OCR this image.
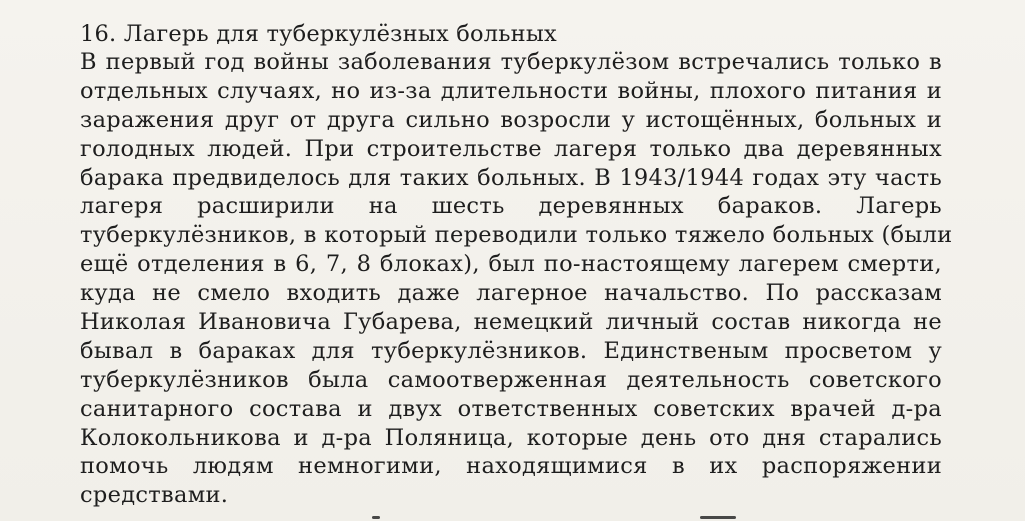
16. Лагерь для туберкулёзных больных
В первый год войны заболевания туберкулёзом встречались только в
отдельных случаях, но из-за длительности войны, плохого питания и
заражения друг от друга сильно возросли у истощённых, больных и
голодных людей. При строительстве лагеря только два деревянных
барака предвиделось для таких больных. В 1943/1944 годах эту часть
лагеря расширили на шесть деревянных бараков. Лагерь
туберкулёзников, в который переводили только тяжело больных (были
ещё отделения в 6, 7, 8 блоках), был по-настоящему лагерем смерти,
куда не смело входить даже лагерное начальство. По рассказам
Николая Ивановича Губарева, немецкий личный состав никогда не
бывал в бараках для туберкулёзников. Единственым просветом у
туберкулёзников была самоотверженная деятельность советского
санитарного состава и двух ответственных советских врачей д-ра
Колокольникова и д-ра Поляница, которые день ото дня старались
помочь людям немногими, находящимися в их распоряжении
средствами.
